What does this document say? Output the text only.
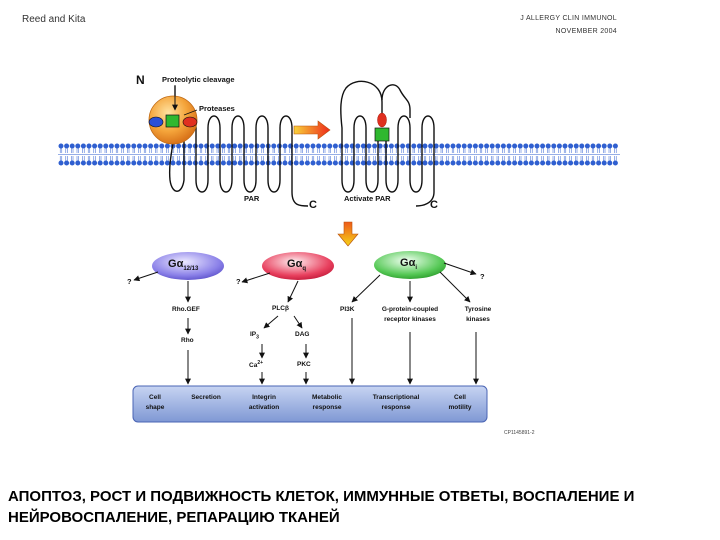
Reed and Kita	J ALLERGY CLIN IMMUNOL
NOVEMBER 2004
N Proteolytic cleavage
Proteases
PAR
C
Activate PAR
C
$G\alpha_{12/13}$	$G\alpha_q$
$G\alpha_i$
?	?
?
Rho.GEF
Rho
PLCβ
$IP_3$	DAG
$Ca^{2+}$	PKC
PI3K	G-protein-coupled
receptor kinases
Tyrosine
kinases
Cell
shape
Secretion	Integrin
activation
Metabolic
response
Transcriptional
response
Cell
motility
CP1145891-2
АПОПТОЗ, РОСТ И ПОДВИЖНОСТЬ КЛЕТОК, ИММУННЫЕ ОТВЕТЫ, ВОСПАЛЕНИЕ И НЕЙРОВОСПАЛЕНИЕ, РЕПАРАЦИЮ ТКАНЕЙ
